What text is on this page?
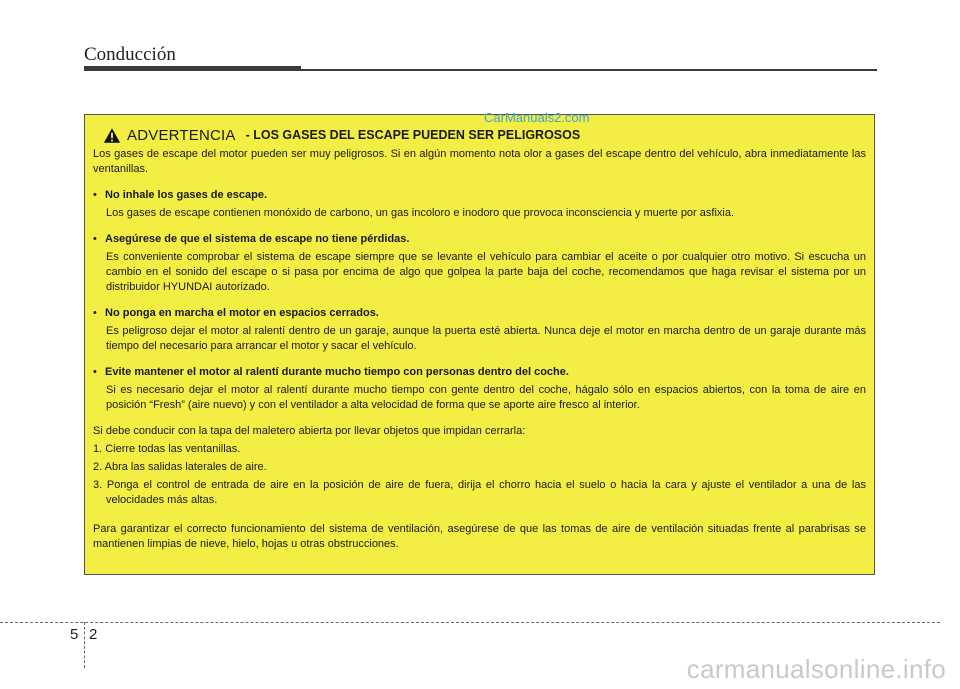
Conducción
ADVERTENCIA - LOS GASES DEL ESCAPE PUEDEN SER PELIGROSOS

Los gases de escape del motor pueden ser muy peligrosos. Si en algún momento nota olor a gases del escape dentro del vehículo, abra inmediatamente las ventanillas.

• No inhale los gases de escape.

Los gases de escape contienen monóxido de carbono, un gas incoloro e inodoro que provoca inconsciencia y muerte por asfixia.

• Asegúrese de que el sistema de escape no tiene pérdidas.

Es conveniente comprobar el sistema de escape siempre que se levante el vehículo para cambiar el aceite o por cualquier otro motivo. Si escucha un cambio en el sonido del escape o si pasa por encima de algo que golpea la parte baja del coche, recomendamos que haga revisar el sistema por un distribuidor HYUNDAI autorizado.

• No ponga en marcha el motor en espacios cerrados.

Es peligroso dejar el motor al ralentí dentro de un garaje, aunque la puerta esté abierta. Nunca deje el motor en marcha dentro de un garaje durante más tiempo del necesario para arrancar el motor y sacar el vehículo.

• Evite mantener el motor al ralentí durante mucho tiempo con personas dentro del coche.

Si es necesario dejar el motor al ralentí durante mucho tiempo con gente dentro del coche, hágalo sólo en espacios abiertos, con la toma de aire en posición “Fresh” (aire nuevo) y con el ventilador a alta velocidad de forma que se aporte aire fresco al interior.

Si debe conducir con la tapa del maletero abierta por llevar objetos que impidan cerrarla:

1. Cierre todas las ventanillas.

2. Abra las salidas laterales de aire.

3. Ponga el control de entrada de aire en la posición de aire de fuera, dirija el chorro hacia el suelo o hacia la cara y ajuste el ventilador a una de las velocidades más altas.

Para garantizar el correcto funcionamiento del sistema de ventilación, asegúrese de que las tomas de aire de ventilación situadas frente al parabrisas se mantienen limpias de nieve, hielo, hojas u otras obstrucciones.

CarManuals2.com
5 2
carmanualsonline.info
